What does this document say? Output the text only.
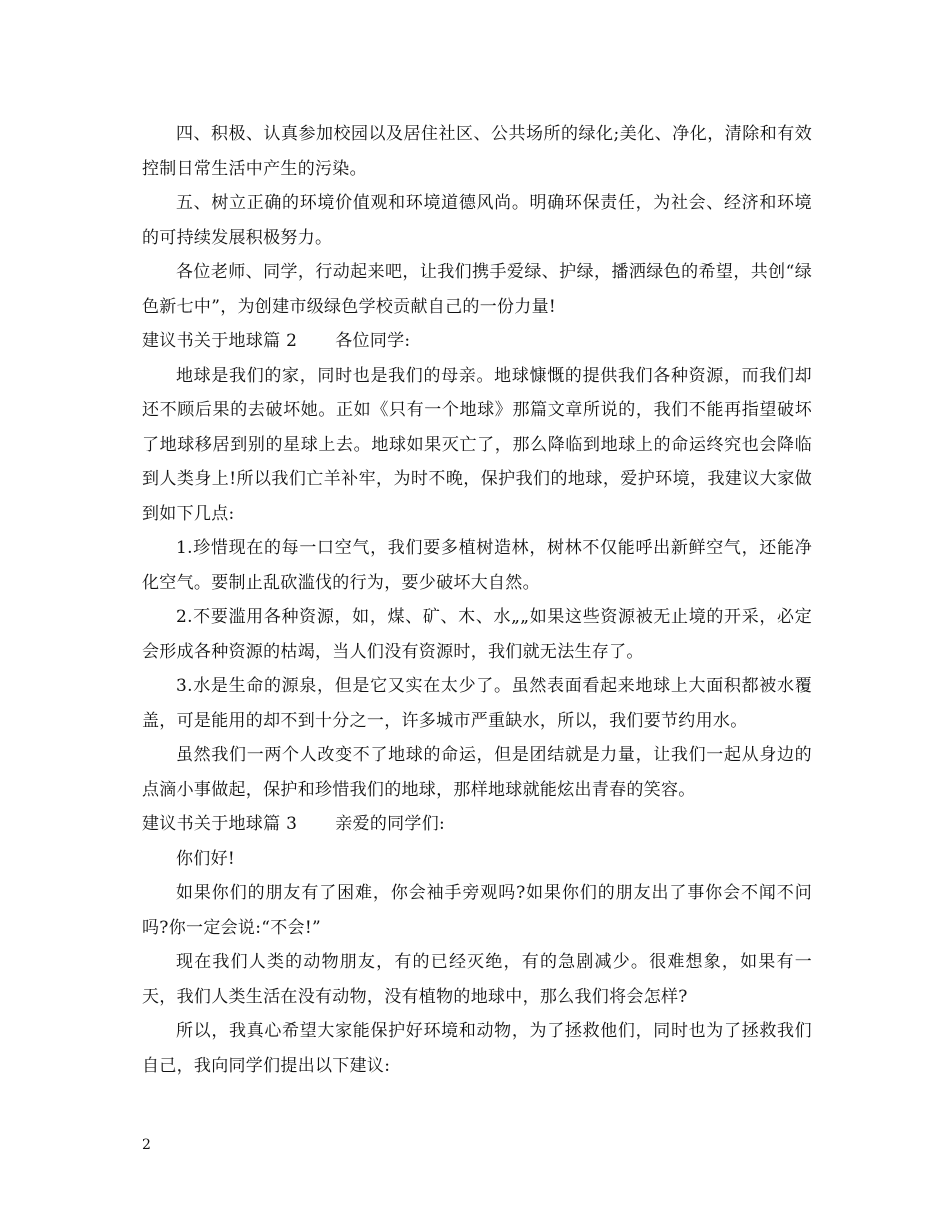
四、积极、认真参加校园以及居住社区、公共场所的绿化;美化、净化，清除和有效控制日常生活中产生的污染。

五、树立正确的环境价值观和环境道德风尚。明确环保责任，为社会、经济和环境的可持续发展积极努力。

各位老师、同学，行动起来吧，让我们携手爱绿、护绿，播洒绿色的希望，共创“绿色新七中”，为创建市级绿色学校贡献自己的一份力量!

建议书关于地球篇 2 各位同学:

地球是我们的家，同时也是我们的母亲。地球慷慨的提供我们各种资源，而我们却还不顾后果的去破坏她。正如《只有一个地球》那篇文章所说的，我们不能再指望破坏了地球移居到别的星球上去。地球如果灭亡了，那么降临到地球上的命运终究也会降临到人类身上!所以我们亡羊补牢，为时不晚，保护我们的地球，爱护环境，我建议大家做到如下几点:

1.珍惜现在的每一口空气，我们要多植树造林，树林不仅能呼出新鲜空气，还能净化空气。要制止乱砍滥伐的行为，要少破坏大自然。

2.不要滥用各种资源，如，煤、矿、木、水„„如果这些资源被无止境的开采，必定会形成各种资源的枯竭，当人们没有资源时，我们就无法生存了。

3.水是生命的源泉，但是它又实在太少了。虽然表面看起来地球上大面积都被水覆盖，可是能用的却不到十分之一，许多城市严重缺水，所以，我们要节约用水。

虽然我们一两个人改变不了地球的命运，但是团结就是力量，让我们一起从身边的点滴小事做起，保护和珍惜我们的地球，那样地球就能炫出青春的笑容。

建议书关于地球篇 3 亲爱的同学们:

你们好!

如果你们的朋友有了困难，你会袖手旁观吗?如果你们的朋友出了事你会不闻不问吗?你一定会说:“不会!”

现在我们人类的动物朋友，有的已经灭绝，有的急剧减少。很难想象，如果有一天，我们人类生活在没有动物，没有植物的地球中，那么我们将会怎样?

所以，我真心希望大家能保护好环境和动物，为了拯救他们，同时也为了拯救我们自己，我向同学们提出以下建议:

2
